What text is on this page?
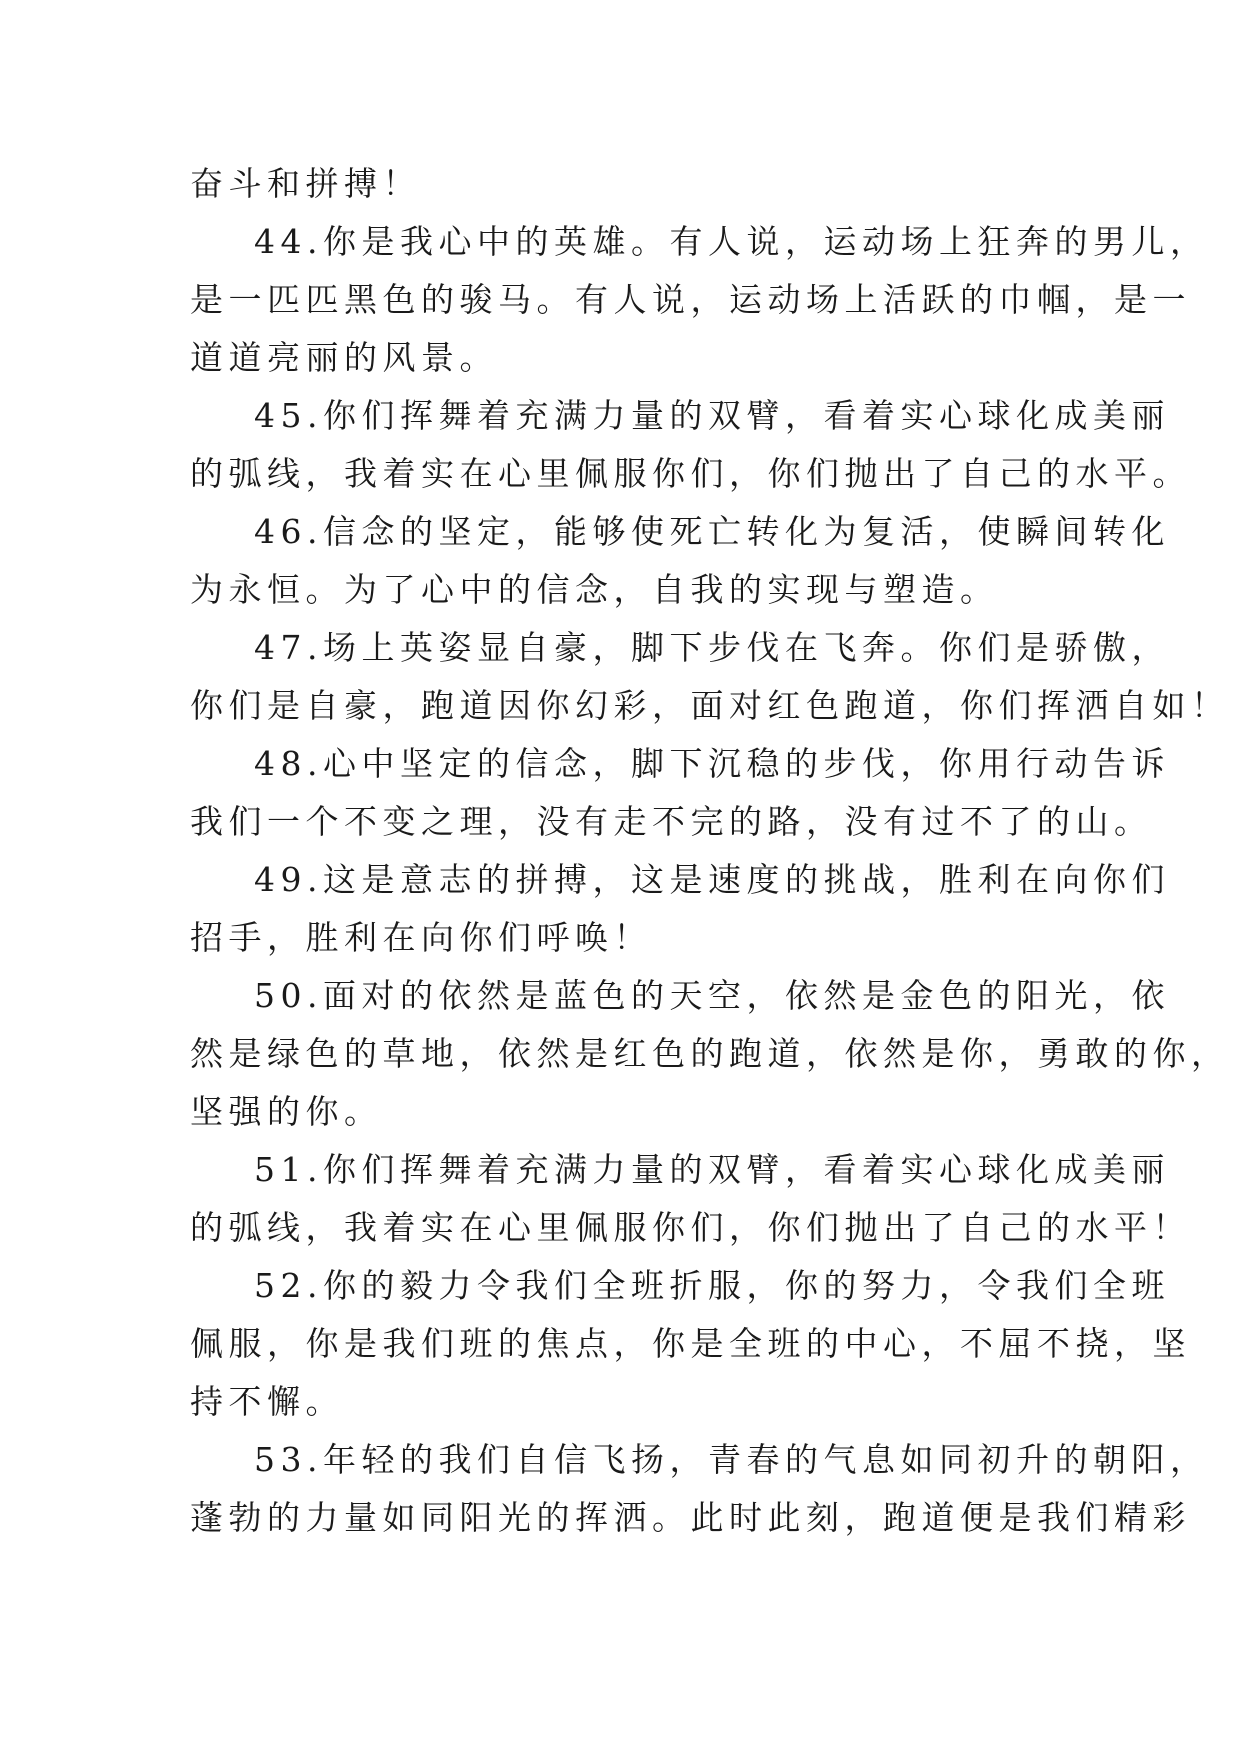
奋斗和拼搏！
44.你是我心中的英雄。有人说，运动场上狂奔的男儿，
是一匹匹黑色的骏马。有人说，运动场上活跃的巾帼，是一
道道亮丽的风景。
45.你们挥舞着充满力量的双臂，看着实心球化成美丽
的弧线，我着实在心里佩服你们，你们抛出了自己的水平。
46.信念的坚定，能够使死亡转化为复活，使瞬间转化
为永恒。为了心中的信念，自我的实现与塑造。
47.场上英姿显自豪，脚下步伐在飞奔。你们是骄傲，
你们是自豪，跑道因你幻彩，面对红色跑道，你们挥洒自如！
48.心中坚定的信念，脚下沉稳的步伐，你用行动告诉
我们一个不变之理，没有走不完的路，没有过不了的山。
49.这是意志的拼搏，这是速度的挑战，胜利在向你们
招手，胜利在向你们呼唤！
50.面对的依然是蓝色的天空，依然是金色的阳光，依
然是绿色的草地，依然是红色的跑道，依然是你，勇敢的你，
坚强的你。
51.你们挥舞着充满力量的双臂，看着实心球化成美丽
的弧线，我着实在心里佩服你们，你们抛出了自己的水平！
52.你的毅力令我们全班折服，你的努力，令我们全班
佩服，你是我们班的焦点，你是全班的中心，不屈不挠，坚
持不懈。
53.年轻的我们自信飞扬，青春的气息如同初升的朝阳，
蓬勃的力量如同阳光的挥洒。此时此刻，跑道便是我们精彩
